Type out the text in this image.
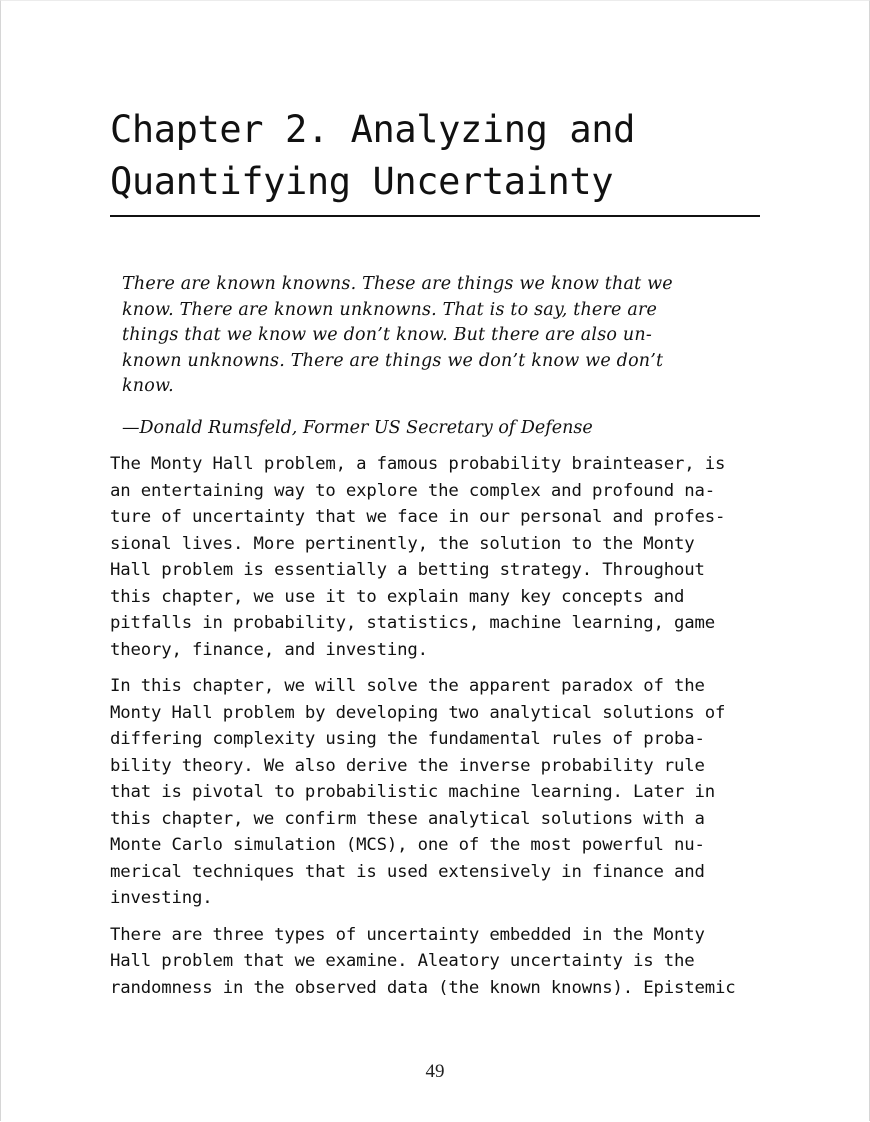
Chapter 2. Analyzing and
Quantifying Uncertainty

There are known knowns. These are things we know that we
know. There are known unknowns. That is to say, there are
things that we know we don’t know. But there are also un-
known unknowns. There are things we don’t know we don’t
know.

—Donald Rumsfeld, Former US Secretary of Defense

The Monty Hall problem, a famous probability brainteaser, is
an entertaining way to explore the complex and profound na-
ture of uncertainty that we face in our personal and profes-
sional lives. More pertinently, the solution to the Monty
Hall problem is essentially a betting strategy. Throughout
this chapter, we use it to explain many key concepts and
pitfalls in probability, statistics, machine learning, game
theory, finance, and investing.

In this chapter, we will solve the apparent paradox of the
Monty Hall problem by developing two analytical solutions of
differing complexity using the fundamental rules of proba-
bility theory. We also derive the inverse probability rule
that is pivotal to probabilistic machine learning. Later in
this chapter, we confirm these analytical solutions with a
Monte Carlo simulation (MCS), one of the most powerful nu-
merical techniques that is used extensively in finance and
investing.

There are three types of uncertainty embedded in the Monty
Hall problem that we examine. Aleatory uncertainty is the
randomness in the observed data (the known knowns). Epistemic

49
